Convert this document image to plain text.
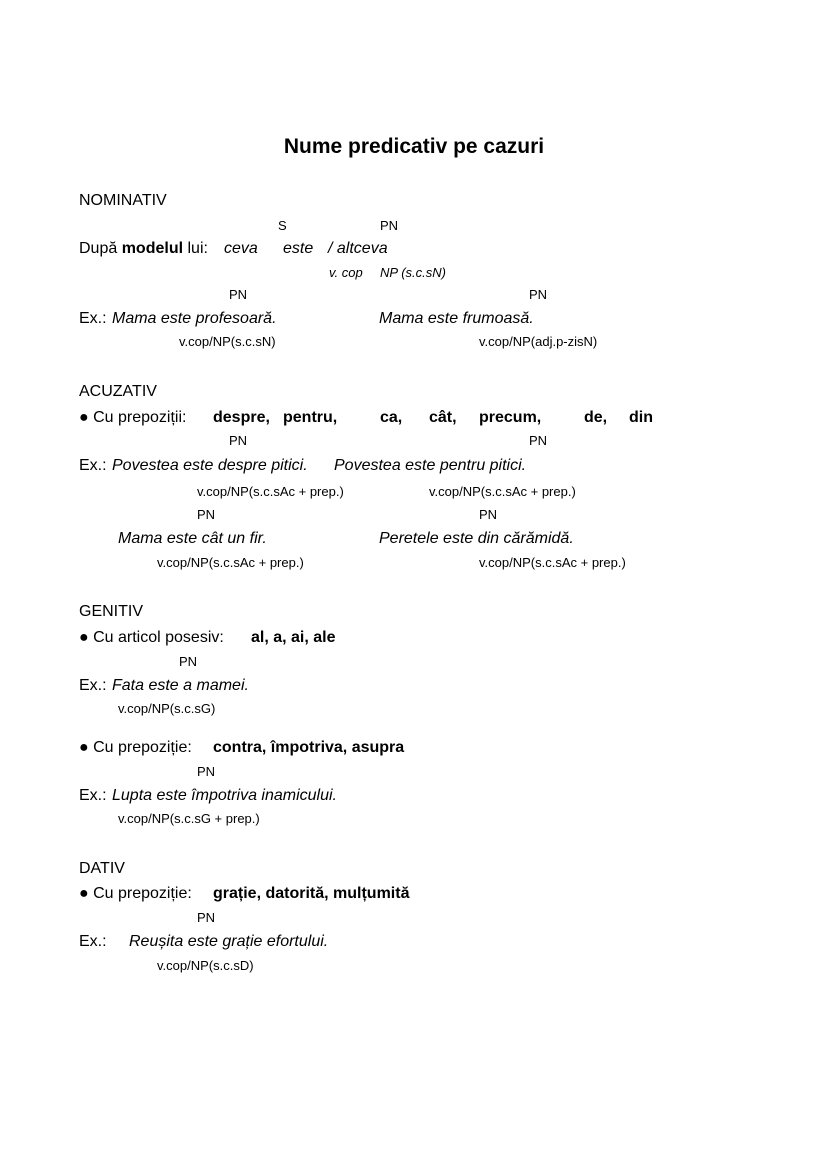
Nume predicativ pe cazuri
NOMINATIV
S	PN
După modelul lui: ceva este / altceva
v. cop NP (s.c.sN)
PN	PN
Ex.: Mama este profesoară.	Mama este frumoasă.
v.cop/NP(s.c.sN)	v.cop/NP(adj.p-zisN)
ACUZATIV
● Cu prepoziții: despre, pentru,	ca, cât, precum,	de, din
PN	PN
Ex.: Povestea este despre pitici. Povestea este pentru pitici.
v.cop/NP(s.c.sAc + prep.)	v.cop/NP(s.c.sAc + prep.)
PN	PN
Mama este cât un fir.	Peretele este din cărămidă.
v.cop/NP(s.c.sAc + prep.)	v.cop/NP(s.c.sAc + prep.)
GENITIV
● Cu articol posesiv: al, a, ai, ale
PN
Ex.: Fata este a mamei.
v.cop/NP(s.c.sG)
● Cu prepoziție: contra, împotriva, asupra
PN
Ex.: Lupta este împotriva inamicului.
v.cop/NP(s.c.sG + prep.)
DATIV
● Cu prepoziție: grație, datorită, mulțumită
PN
Ex.: Reușita este grație efortului.
v.cop/NP(s.c.sD)
